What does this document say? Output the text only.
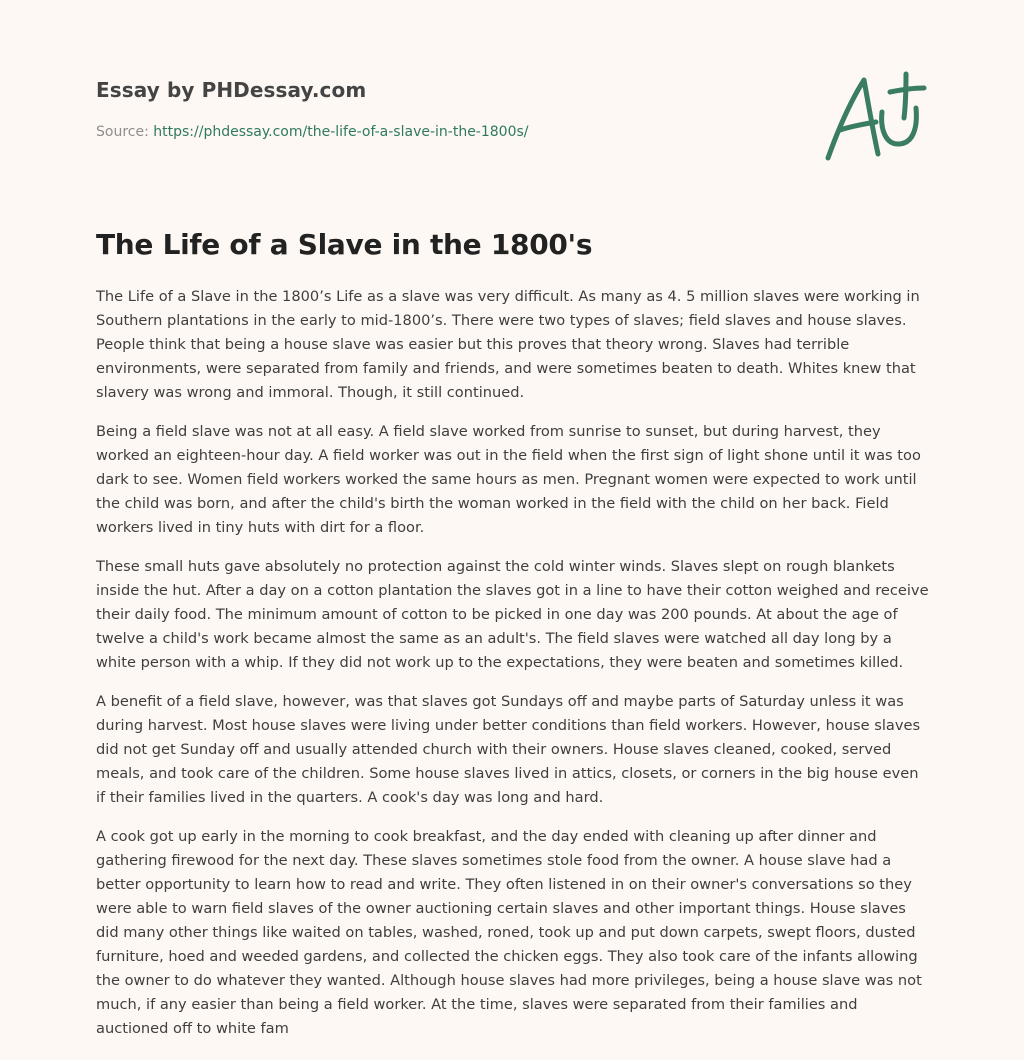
Essay by PHDessay.com
Source: https://phdessay.com/the-life-of-a-slave-in-the-1800s/
The Life of a Slave in the 1800's

The Life of a Slave in the 1800’s Life as a slave was very difficult. As many as 4. 5 million slaves were working in Southern plantations in the early to mid-1800’s. There were two types of slaves; field slaves and house slaves. People think that being a house slave was easier but this proves that theory wrong. Slaves had terrible environments, were separated from family and friends, and were sometimes beaten to death. Whites knew that slavery was wrong and immoral. Though, it still continued.

Being a field slave was not at all easy. A field slave worked from sunrise to sunset, but during harvest, they worked an eighteen-hour day. A field worker was out in the field when the first sign of light shone until it was too dark to see. Women field workers worked the same hours as men. Pregnant women were expected to work until the child was born, and after the child's birth the woman worked in the field with the child on her back. Field workers lived in tiny huts with dirt for a floor.

These small huts gave absolutely no protection against the cold winter winds. Slaves slept on rough blankets inside the hut. After a day on a cotton plantation the slaves got in a line to have their cotton weighed and receive their daily food. The minimum amount of cotton to be picked in one day was 200 pounds. At about the age of twelve a child's work became almost the same as an adult's. The field slaves were watched all day long by a white person with a whip. If they did not work up to the expectations, they were beaten and sometimes killed.

A benefit of a field slave, however, was that slaves got Sundays off and maybe parts of Saturday unless it was during harvest. Most house slaves were living under better conditions than field workers. However, house slaves did not get Sunday off and usually attended church with their owners. House slaves cleaned, cooked, served meals, and took care of the children. Some house slaves lived in attics, closets, or corners in the big house even if their families lived in the quarters. A cook's day was long and hard.

A cook got up early in the morning to cook breakfast, and the day ended with cleaning up after dinner and gathering firewood for the next day. These slaves sometimes stole food from the owner. A house slave had a better opportunity to learn how to read and write. They often listened in on their owner's conversations so they were able to warn field slaves of the owner auctioning certain slaves and other important things. House slaves did many other things like waited on tables, washed, roned, took up and put down carpets, swept floors, dusted furniture, hoed and weeded gardens, and collected the chicken eggs. They also took care of the infants allowing the owner to do whatever they wanted. Although house slaves had more privileges, being a house slave was not much, if any easier than being a field worker. At the time, slaves were separated from their families and auctioned off to white fam
